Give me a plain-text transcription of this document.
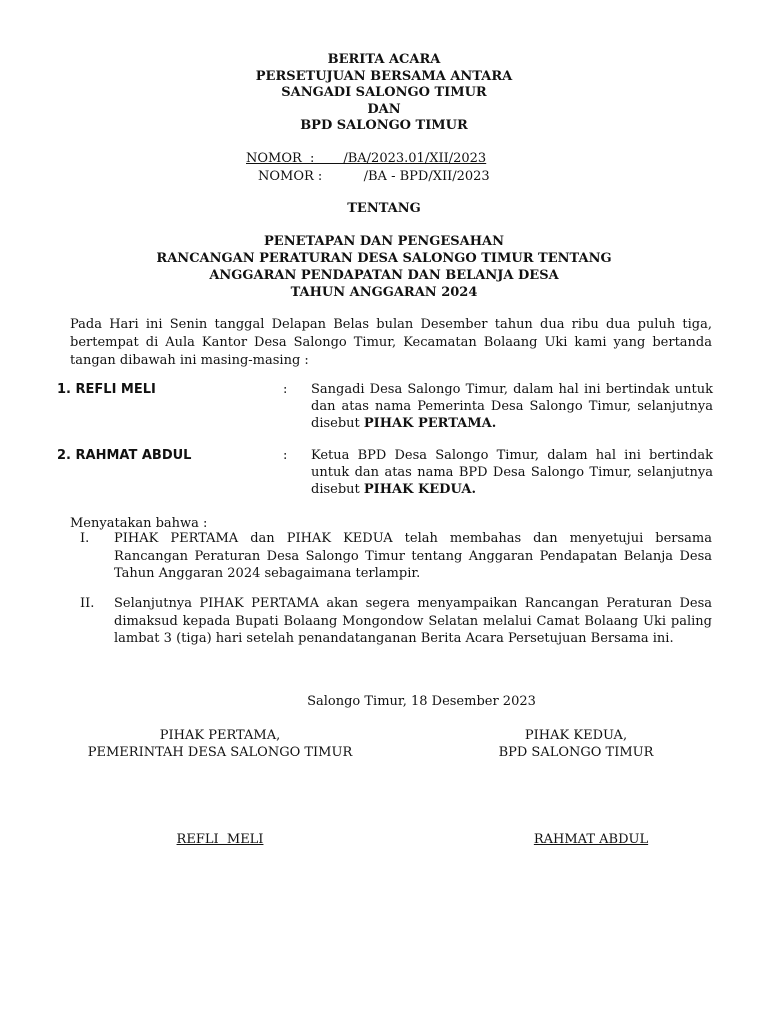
BERITA ACARA
PERSETUJUAN BERSAMA ANTARA
SANGADI SALONGO TIMUR
DAN
BPD SALONGO TIMUR
NOMOR  :       /BA/2023.01/XII/2023
NOMOR :          /BA - BPD/XII/2023
TENTANG
PENETAPAN DAN PENGESAHAN
RANCANGAN PERATURAN DESA SALONGO TIMUR TENTANG
ANGGARAN PENDAPATAN DAN BELANJA DESA
TAHUN ANGGARAN 2024
Pada Hari ini Senin tanggal Delapan Belas bulan Desember tahun dua ribu dua puluh tiga, bertempat di Aula Kantor Desa Salongo Timur, Kecamatan Bolaang Uki kami yang bertanda tangan dibawah ini masing-masing :
1. REFLI MELI	: Sangadi Desa Salongo Timur, dalam hal ini bertindak untuk dan atas nama Pemerinta Desa Salongo Timur, selanjutnya disebut PIHAK PERTAMA.
2. RAHMAT ABDUL	: Ketua BPD Desa Salongo Timur, dalam hal ini bertindak untuk dan atas nama BPD Desa Salongo Timur, selanjutnya disebut PIHAK KEDUA.
Menyatakan bahwa :
I. PIHAK PERTAMA dan PIHAK KEDUA telah membahas dan menyetujui bersama Rancangan Peraturan Desa Salongo Timur tentang Anggaran Pendapatan Belanja Desa Tahun Anggaran 2024 sebagaimana terlampir.
II. Selanjutnya PIHAK PERTAMA akan segera menyampaikan Rancangan Peraturan Desa dimaksud kepada Bupati Bolaang Mongondow Selatan melalui Camat Bolaang Uki paling lambat 3 (tiga) hari setelah penandatanganan Berita Acara Persetujuan Bersama ini.
Salongo Timur, 18 Desember 2023
PIHAK PERTAMA,
PEMERINTAH DESA SALONGO TIMUR
REFLI  MELI
PIHAK KEDUA,
BPD SALONGO TIMUR
RAHMAT ABDUL
